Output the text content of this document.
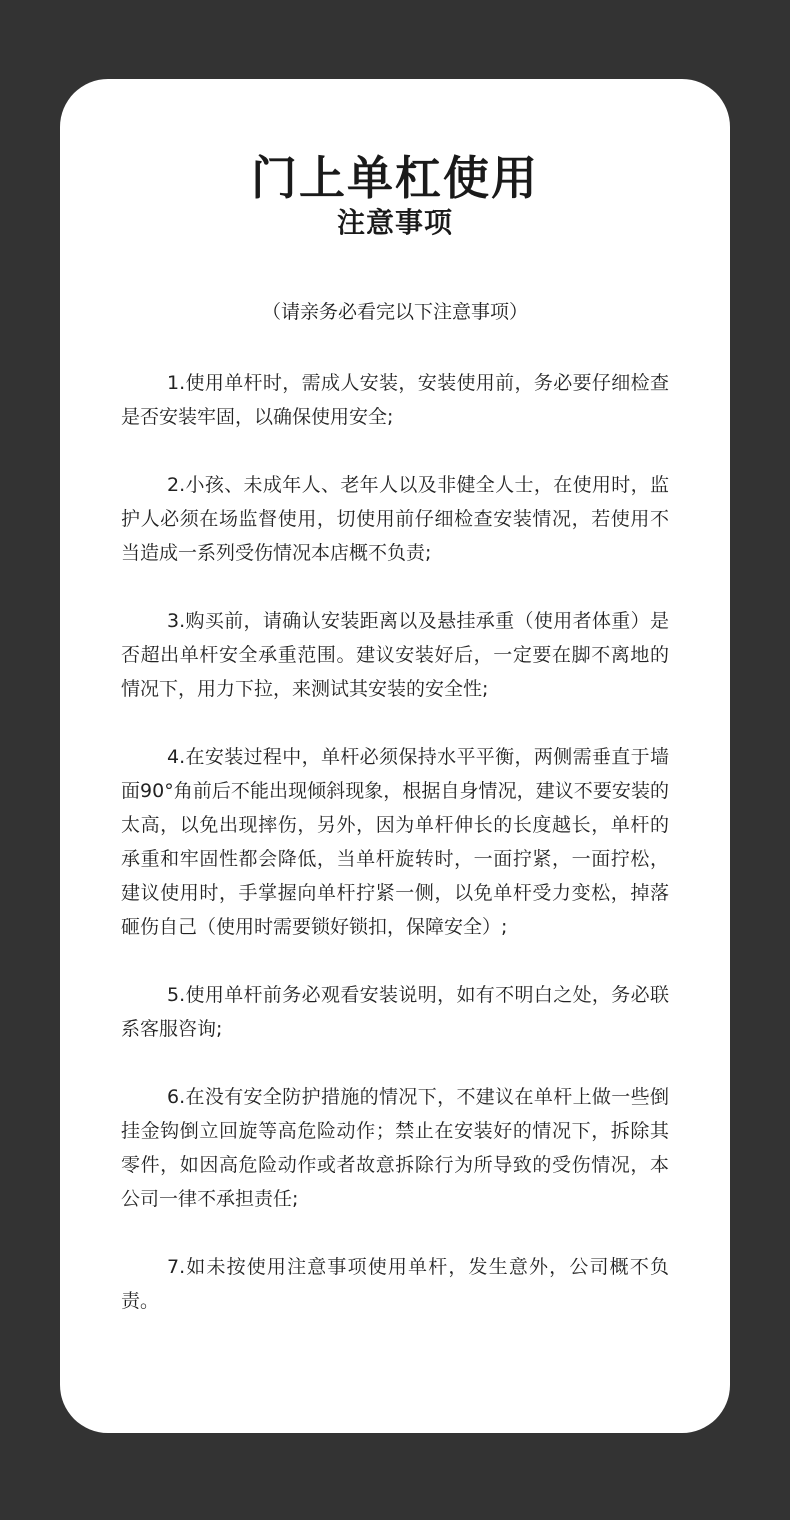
门上单杠使用
注意事项

（请亲务必看完以下注意事项）

1.使用单杆时，需成人安装，安装使用前，务必要仔细检查是否安装牢固，以确保使用安全;

2.小孩、未成年人、老年人以及非健全人士，在使用时，监护人必须在场监督使用，切使用前仔细检查安装情况，若使用不当造成一系列受伤情况本店概不负责;

3.购买前，请确认安装距离以及悬挂承重（使用者体重）是否超出单杆安全承重范围。建议安装好后，一定要在脚不离地的情况下，用力下拉，来测试其安装的安全性;

4.在安装过程中，单杆必须保持水平平衡，两侧需垂直于墙面90°角前后不能出现倾斜现象，根据自身情况，建议不要安装的太高，以免出现摔伤，另外，因为单杆伸长的长度越长，单杆的承重和牢固性都会降低，当单杆旋转时，一面拧紧，一面拧松，建议使用时，手掌握向单杆拧紧一侧，以免单杆受力变松，掉落砸伤自己（使用时需要锁好锁扣，保障安全）;

5.使用单杆前务必观看安装说明，如有不明白之处，务必联系客服咨询;

6.在没有安全防护措施的情况下，不建议在单杆上做一些倒挂金钩倒立回旋等高危险动作；禁止在安装好的情况下，拆除其零件，如因高危险动作或者故意拆除行为所导致的受伤情况，本公司一律不承担责任;

7.如未按使用注意事项使用单杆，发生意外，公司概不负责。
